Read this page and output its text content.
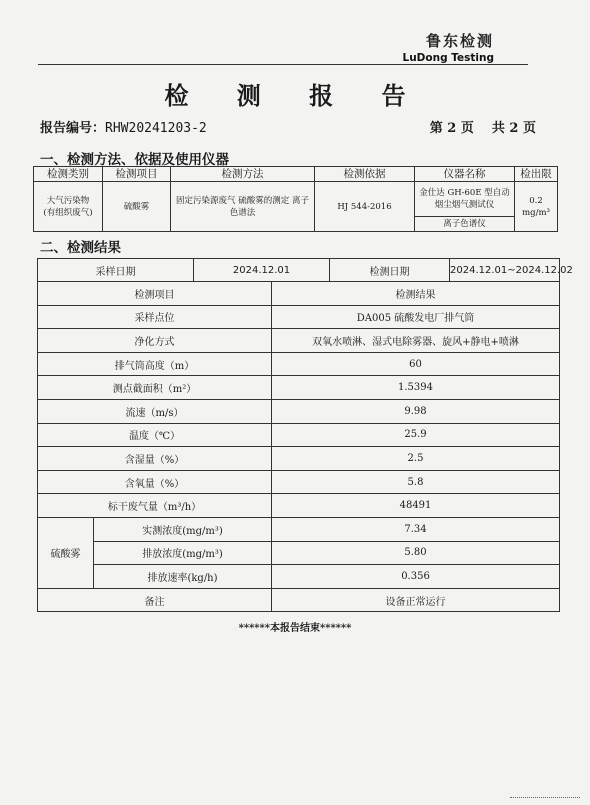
鲁东检测
LuDong Testing
检 测 报 告
报告编号：RHW20241203-2	第 2 页 共 2 页
一、检测方法、依据及使用仪器
检测类别	检测项目	检测方法	检测依据	仪器名称	检出限

大气污染物
(有组织废气)	硫酸雾	固定污染源废气 硫酸雾的测定 离子色谱法	HJ 544-2016	金仕达 GH-60E 型自动烟尘烟气测试仪	0.2 mg/m³
				离子色谱仪	
二、检测结果
采样日期		2024.12.01		检测日期	2024.12.01~2024.12.02
检测项目			检测结果		
采样点位			DA005 硫酸发电厂排气筒		
净化方式			双氧水喷淋、湿式电除雾器、旋风+静电+喷淋		
排气筒高度（m）			60		
测点截面积（m²）			1.5394		
流速（m/s）			9.98		
温度（℃）			25.9		
含湿量（%）			2.5		
含氧量（%）			5.8		
标干废气量（m³/h）			48491		
硫酸雾	实测浓度(mg/m³)		7.34		
	排放浓度(mg/m³)		5.80		
	排放速率(kg/h)		0.356		
备注			设备正常运行		
******本报告结束******
